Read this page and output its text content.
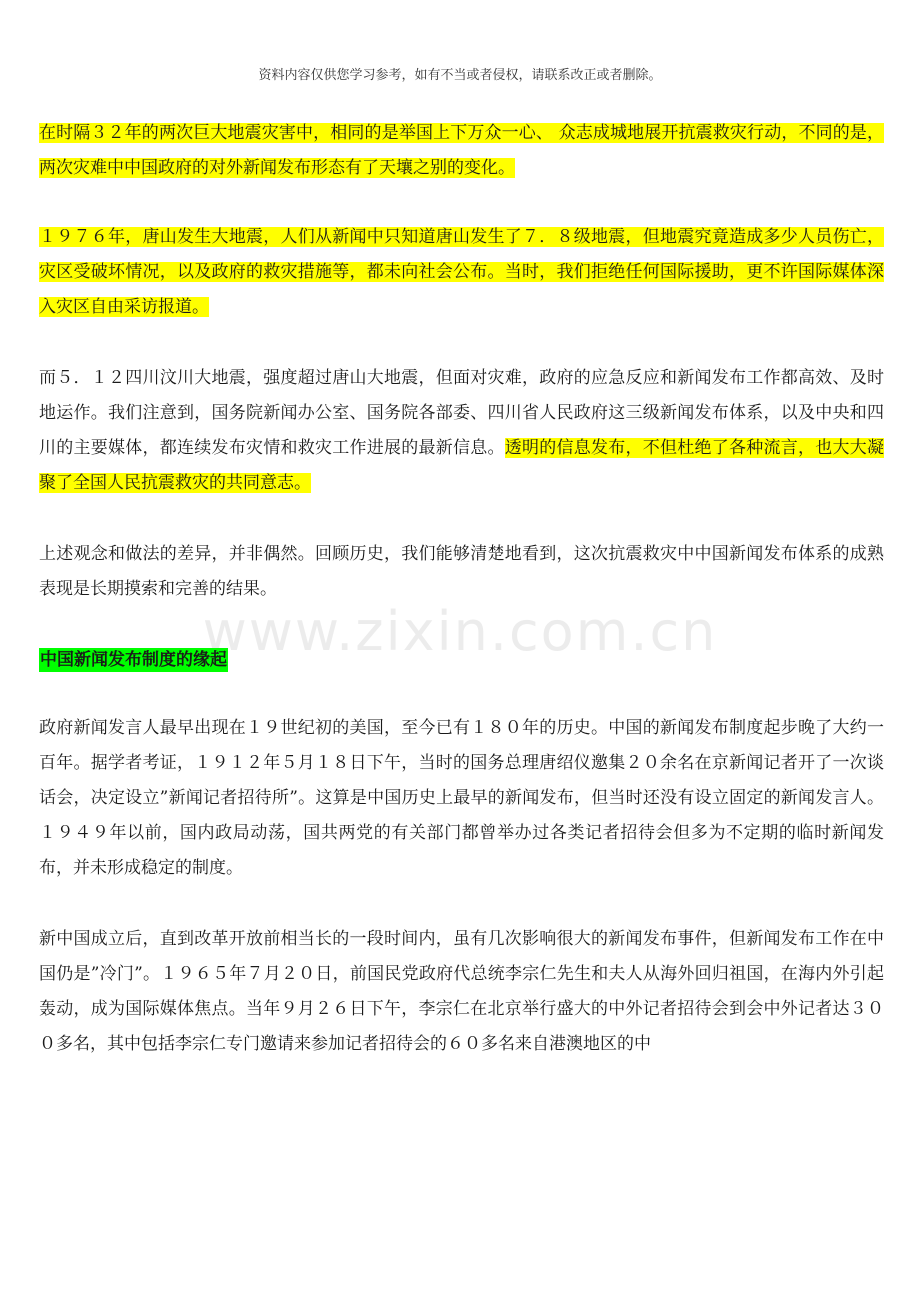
资料内容仅供您学习参考，如有不当或者侵权，请联系改正或者删除。
www.zixin.com.cn

在时隔３２年的两次巨大地震灾害中，相同的是举国上下万众一心、 众志成城地展开抗震救灾行动，不同的是，两次灾难中中国政府的对外新闻发布形态有了天壤之别的变化。

１９７６年，唐山发生大地震，人们从新闻中只知道唐山发生了７．８级地震，但地震究竟造成多少人员伤亡，灾区受破坏情况，以及政府的救灾措施等，都未向社会公布。当时，我们拒绝任何国际援助，更不许国际媒体深入灾区自由采访报道。

而５．１２四川汶川大地震，强度超过唐山大地震，但面对灾难，政府的应急反应和新闻发布工作都高效、及时地运作。我们注意到，国务院新闻办公室、国务院各部委、四川省人民政府这三级新闻发布体系，以及中央和四川的主要媒体，都连续发布灾情和救灾工作进展的最新信息。透明的信息发布，不但杜绝了各种流言，也大大凝聚了全国人民抗震救灾的共同意志。

上述观念和做法的差异，并非偶然。回顾历史，我们能够清楚地看到，这次抗震救灾中中国新闻发布体系的成熟表现是长期摸索和完善的结果。

中国新闻发布制度的缘起

政府新闻发言人最早出现在１９世纪初的美国，至今已有１８０年的历史。中国的新闻发布制度起步晚了大约一百年。据学者考证，１９１２年５月１８日下午，当时的国务总理唐绍仪邀集２０余名在京新闻记者开了一次谈话会，决定设立”新闻记者招待所”。这算是中国历史上最早的新闻发布，但当时还没有设立固定的新闻发言人。１９４９年以前，国内政局动荡，国共两党的有关部门都曾举办过各类记者招待会但多为不定期的临时新闻发布，并未形成稳定的制度。

新中国成立后，直到改革开放前相当长的一段时间内，虽有几次影响很大的新闻发布事件，但新闻发布工作在中国仍是”冷门”。１９６５年７月２０日，前国民党政府代总统李宗仁先生和夫人从海外回归祖国，在海内外引起轰动，成为国际媒体焦点。当年９月２６日下午，李宗仁在北京举行盛大的中外记者招待会到会中外记者达３００多名，其中包括李宗仁专门邀请来参加记者招待会的６０多名来自港澳地区的中
